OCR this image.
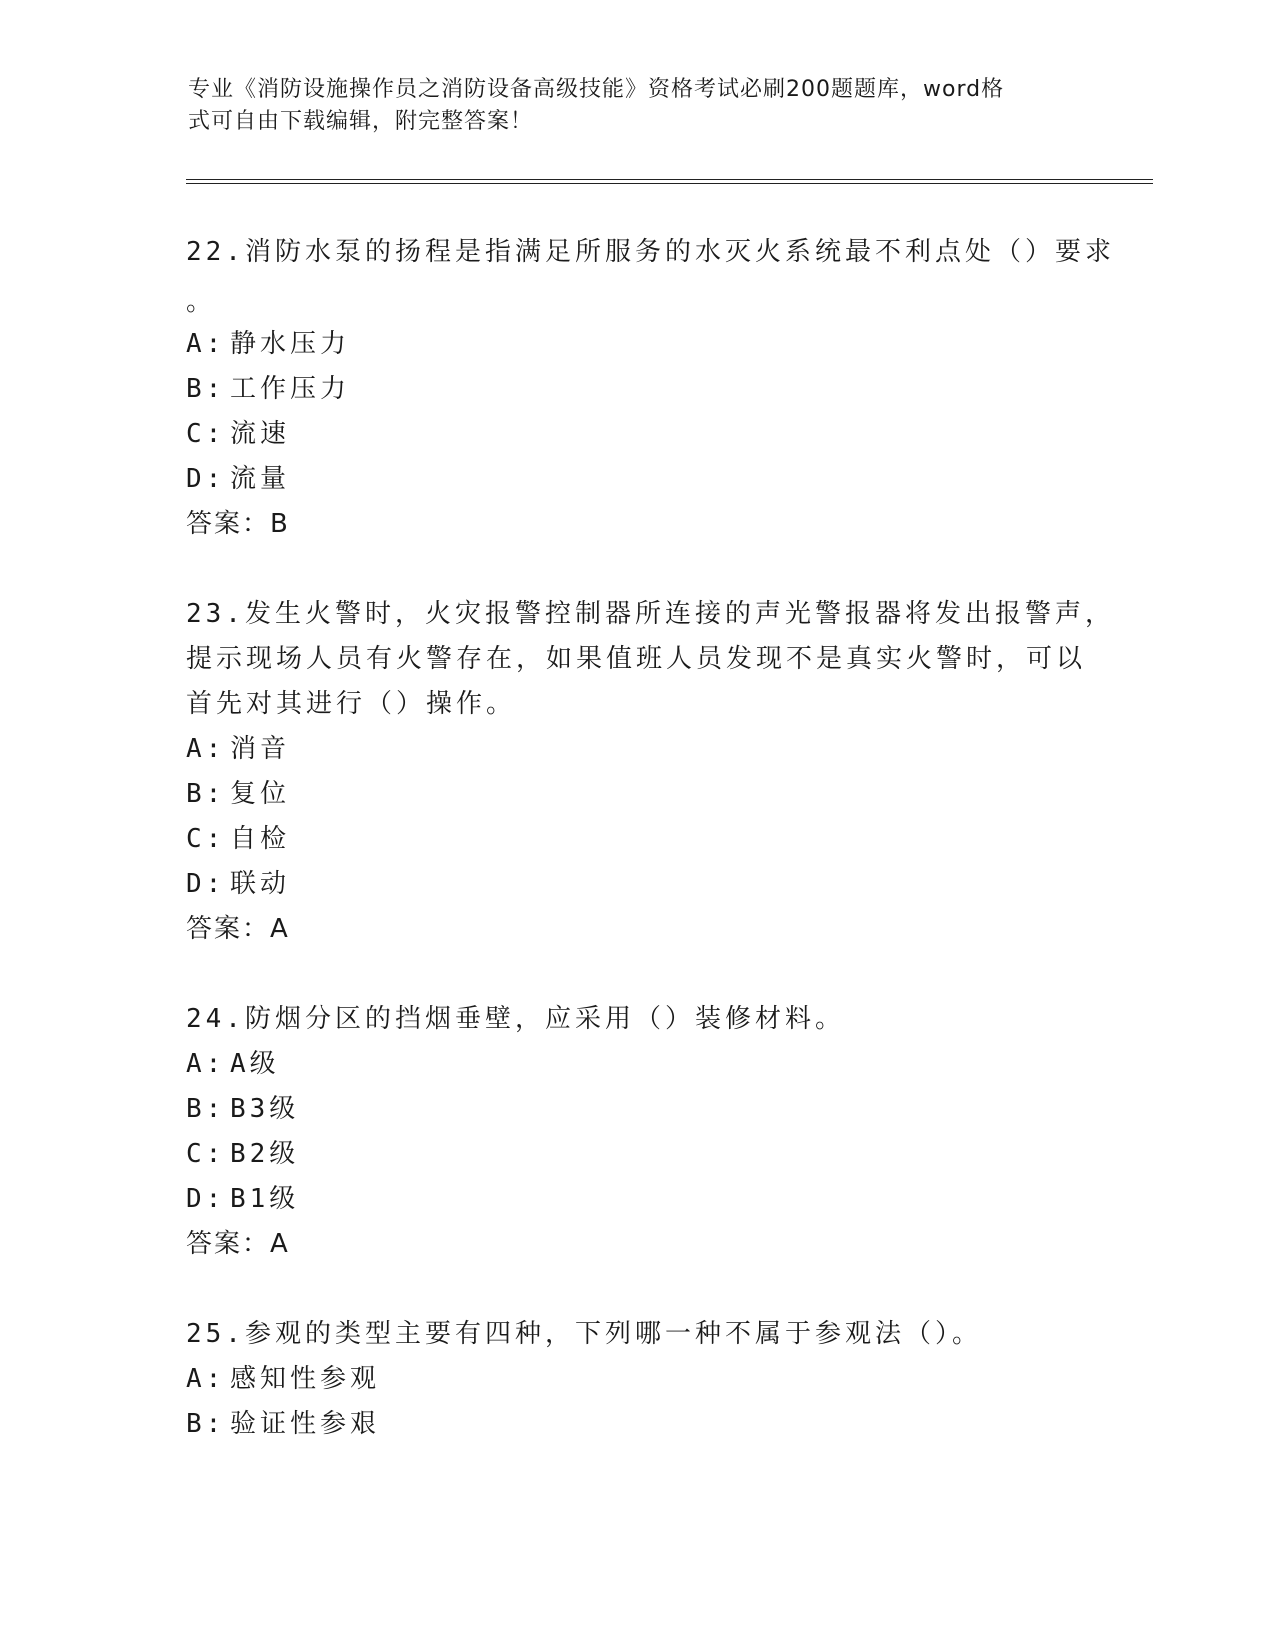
专业《消防设施操作员之消防设备高级技能》资格考试必刷200题题库，word格
式可自由下载编辑，附完整答案！
22.消防水泵的扬程是指满足所服务的水灭火系统最不利点处（）要求
。
A: 静水压力
B: 工作压力
C: 流速
D: 流量
答案：B
23.发生火警时，火灾报警控制器所连接的声光警报器将发出报警声，
提示现场人员有火警存在，如果值班人员发现不是真实火警时，可以
首先对其进行（）操作。
A: 消音
B: 复位
C: 自检
D: 联动
答案：A
24.防烟分区的挡烟垂壁，应采用（）装修材料。
A: A级
B: B3级
C: B2级
D: B1级
答案：A
25.参观的类型主要有四种，下列哪一种不属于参观法（）。
A: 感知性参观
B: 验证性参艰
